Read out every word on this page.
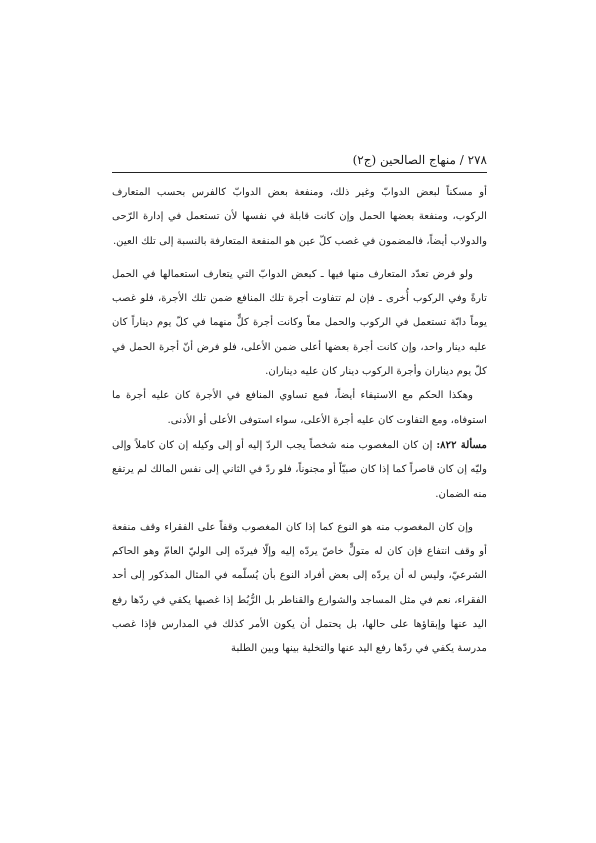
٢٧٨ / منهاج الصالحين (ج٢)

أو مسكناً لبعض الدوابّ وغير ذلك، ومنفعة بعض الدوابّ كالفرس بحسب المتعارف الركوب، ومنفعة بعضها الحمل وإن كانت قابلة في نفسها لأن تستعمل في إدارة الرّحى والدولاب أيضاً، فالمضمون في غصب كلّ عين هو المنفعة المتعارفة بالنسبة إلى تلك العين.

ولو فرض تعدّد المتعارف منها فيها ـ كبعض الدوابّ التي يتعارف استعمالها في الحمل تارةً وفي الركوب أُخرى ـ فإن لم تتفاوت أجرة تلك المنافع ضمن تلك الأجرة، فلو غصب يوماً دابّة تستعمل في الركوب والحمل معاً وكانت أجرة كلٍّ منهما في كلّ يوم ديناراً كان عليه دينار واحد، وإن كانت أجرة بعضها أعلى ضمن الأعلى، فلو فرض أنّ أجرة الحمل في كلّ يوم ديناران وأجرة الركوب دينار كان عليه ديناران.

وهكذا الحكم مع الاستيفاء أيضاً، فمع تساوي المنافع في الأجرة كان عليه أجرة ما استوفاه، ومع التفاوت كان عليه أجرة الأعلى، سواء استوفى الأعلى أو الأدنى.

مسألة ٨٢٢: إن كان المغصوب منه شخصاً يجب الردّ إليه أو إلى وكيله إن كان كاملاً وإلى وليّه إن كان قاصراً كما إذا كان صبيّاً أو مجنوناً، فلو ردّ في الثاني إلى نفس المالك لم يرتفع منه الضمان.

وإن كان المغصوب منه هو النوع كما إذا كان المغصوب وقفاً على الفقراء وقف منفعة أو وقف انتفاع فإن كان له متولٍّ خاصّ يردّه إليه وإلّا فيردّه إلى الوليّ العامّ وهو الحاكم الشرعيّ، وليس له أن يردّه إلى بعض أفراد النوع بأن يُسلّمه في المثال المذكور إلى أحد الفقراء، نعم في مثل المساجد والشوارع والقناطر بل الرُّبُط إذا غصبها يكفي في ردّها رفع اليد عنها وإبقاؤها على حالها، بل يحتمل أن يكون الأمر كذلك في المدارس فإذا غصب مدرسة يكفي في ردّها رفع اليد عنها والتخلية بينها وبين الطلبة
